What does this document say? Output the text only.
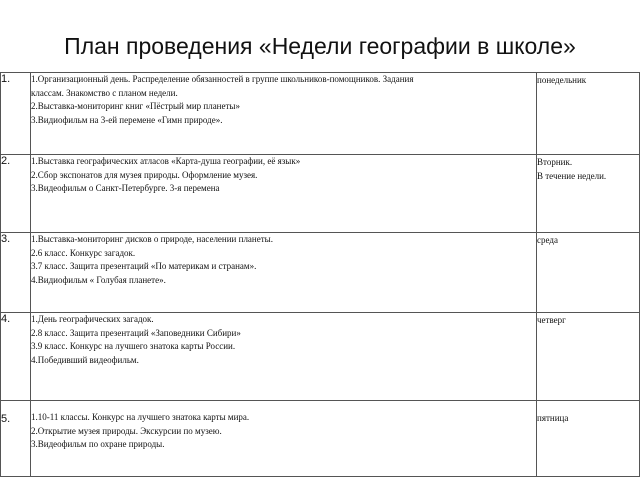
План проведения «Недели географии в школе»
1.	1.Организационный день. Распределение обязанностей в группе школьников-помощников. Задания
классам. Знакомство с планом недели.
2.Выставка-мониторинг книг «Пёстрый мир планеты»
3.Видиофильм на 3-ей перемене «Гимн природе».	понедельник

2.	1.Выставка географических атласов «Карта-душа географии, её язык»
2.Сбор экспонатов для музея природы. Оформление музея.
3.Видеофильм о Санкт-Петербурге. 3-я перемена	Вторник.
В течение недели.

3.	1.Выставка-мониторинг дисков о природе, населении планеты.
2.6 класс. Конкурс загадок.
3.7 класс. Защита презентаций «По материкам и странам».
4.Видиофильм « Голубая планете».	среда

4.	1.День географических загадок.
2.8 класс. Защита презентаций «Заповедники Сибири»
3.9 класс. Конкурс на лучшего знатока карты России.
4.Победивший видеофильм.	четверг

5.	1.10-11 классы. Конкурс на лучшего знатока карты мира.
2.Открытие музея природы. Экскурсии по музею.
3.Видеофильм по охране природы.	пятница
